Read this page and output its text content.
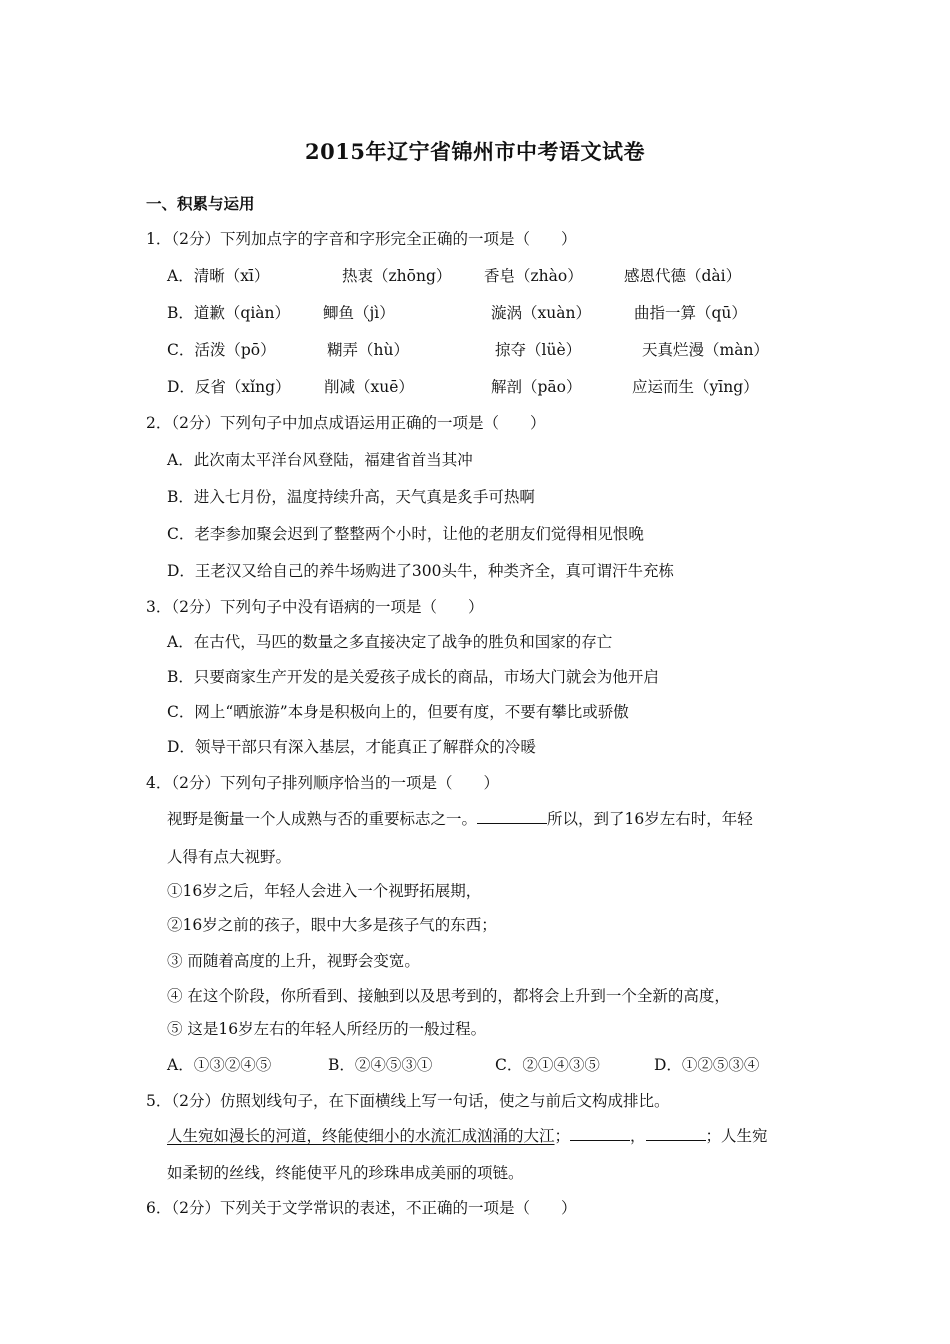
2015年辽宁省锦州市中考语文试卷
一、积累与运用
1．（2分）下列加点字的字音和字形完全正确的一项是（　　）
A．清晰（xī）	热衷（zhōng） 香皂（zhào）	感恩代德（dài）
B．道歉（qiàn） 鲫鱼（jì）	漩涡（xuàn）	曲指一算（qū）
C．活泼（pō）	糊弄（hù）	掠夺（lüè）	天真烂漫（màn）
D．反省（xǐng） 削减（xuē）	解剖（pāo）	应运而生（yīng）
2．（2分）下列句子中加点成语运用正确的一项是（　　）
A．此次南太平洋台风登陆，福建省首当其冲
B．进入七月份，温度持续升高，天气真是炙手可热啊
C．老李参加聚会迟到了整整两个小时，让他的老朋友们觉得相见恨晚
D．王老汉又给自己的养牛场购进了300头牛，种类齐全，真可谓汗牛充栋
3．（2分）下列句子中没有语病的一项是（　　）
A．在古代，马匹的数量之多直接决定了战争的胜负和国家的存亡
B．只要商家生产开发的是关爱孩子成长的商品，市场大门就会为他开启
C．网上“晒旅游”本身是积极向上的，但要有度，不要有攀比或骄傲
D．领导干部只有深入基层，才能真正了解群众的冷暖
4．（2分）下列句子排列顺序恰当的一项是（　　）
视野是衡量一个人成熟与否的重要标志之一。	所以，到了16岁左右时，年轻
人得有点大视野。
①16岁之后，年轻人会进入一个视野拓展期，
②16岁之前的孩子，眼中大多是孩子气的东西；
③ 而随着高度的上升，视野会变宽。
④ 在这个阶段，你所看到、接触到以及思考到的，都将会上升到一个全新的高度，
⑤ 这是16岁左右的年轻人所经历的一般过程。
A．①③②④⑤	B．②④⑤③①	C．②①④③⑤	D．①②⑤③④
5．（2分）仿照划线句子，在下面横线上写一句话，使之与前后文构成排比。
人生宛如漫长的河道，终能使细小的水流汇成汹涌的大江；	，	；人生宛
如柔韧的丝线，终能使平凡的珍珠串成美丽的项链。
6．（2分）下列关于文学常识的表述，不正确的一项是（　　）
